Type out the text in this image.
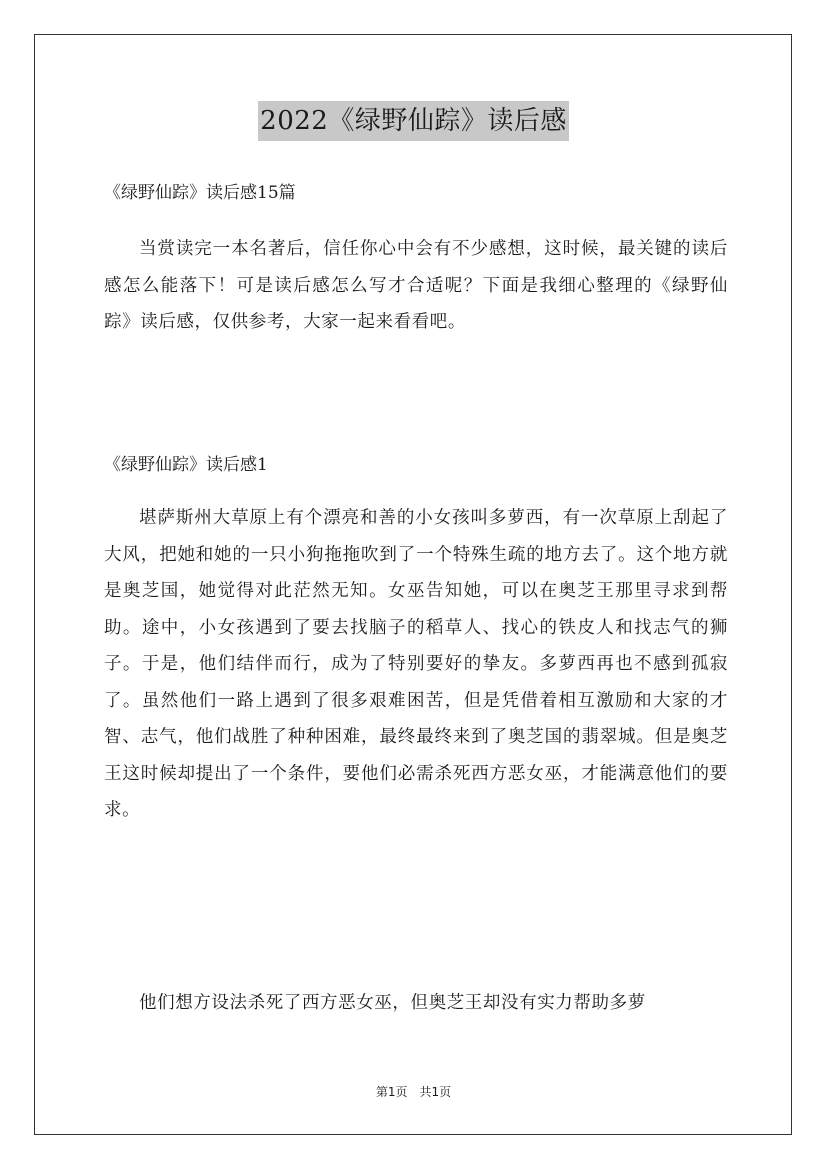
2022《绿野仙踪》读后感
《绿野仙踪》读后感15篇

当赏读完一本名著后，信任你心中会有不少感想，这时候，最关键的读后感怎么能落下！可是读后感怎么写才合适呢？下面是我细心整理的《绿野仙踪》读后感，仅供参考，大家一起来看看吧。

《绿野仙踪》读后感1

堪萨斯州大草原上有个漂亮和善的小女孩叫多萝西，有一次草原上刮起了大风，把她和她的一只小狗拖拖吹到了一个特殊生疏的地方去了。这个地方就是奥芝国，她觉得对此茫然无知。女巫告知她，可以在奥芝王那里寻求到帮助。途中，小女孩遇到了要去找脑子的稻草人、找心的铁皮人和找志气的狮子。于是，他们结伴而行，成为了特别要好的挚友。多萝西再也不感到孤寂了。虽然他们一路上遇到了很多艰难困苦，但是凭借着相互激励和大家的才智、志气，他们战胜了种种困难，最终最终来到了奥芝国的翡翠城。但是奥芝王这时候却提出了一个条件，要他们必需杀死西方恶女巫，才能满意他们的要求。

他们想方设法杀死了西方恶女巫，但奥芝王却没有实力帮助多萝

第1页　共1页
